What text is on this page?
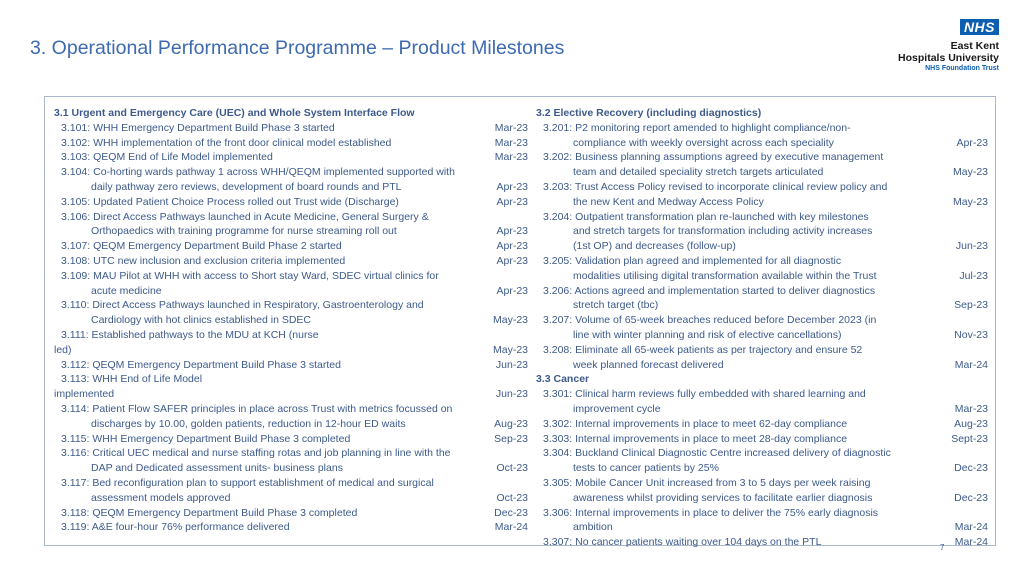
3. Operational Performance Programme – Product Milestones
NHS
East Kent
Hospitals University
NHS Foundation Trust
3.1 Urgent and Emergency Care (UEC) and Whole System Interface Flow
3.101: WHH Emergency Department Build Phase 3 started	Mar-23
3.102: WHH implementation of the front door clinical model established	Mar-23
3.103: QEQM End of Life Model implemented	Mar-23
3.104: Co-horting wards pathway 1 across WHH/QEQM implemented supported with
daily pathway zero reviews, development of board rounds and PTL	Apr-23
3.105: Updated Patient Choice Process rolled out Trust wide (Discharge)	Apr-23
3.106: Direct Access Pathways launched in Acute Medicine, General Surgery &
Orthopaedics with training programme for nurse streaming roll out	Apr-23
3.107: QEQM Emergency Department Build Phase 2 started	Apr-23
3.108: UTC new inclusion and exclusion criteria implemented	Apr-23
3.109: MAU Pilot at WHH with access to Short stay Ward, SDEC virtual clinics for
acute medicine	Apr-23
3.110: Direct Access Pathways launched in Respiratory, Gastroenterology and
Cardiology with hot clinics established in SDEC	May-23
3.111: Established pathways to the MDU at KCH (nurse
led)	May-23
3.112: QEQM Emergency Department Build Phase 3 started	Jun-23
3.113: WHH End of Life Model
implemented	Jun-23
3.114: Patient Flow SAFER principles in place across Trust with metrics focussed on
discharges by 10.00, golden patients, reduction in 12-hour ED waits	Aug-23
3.115: WHH Emergency Department Build Phase 3 completed	Sep-23
3.116: Critical UEC medical and nurse staffing rotas and job planning in line with the
DAP and Dedicated assessment units- business plans	Oct-23
3.117: Bed reconfiguration plan to support establishment of medical and surgical
assessment models approved	Oct-23
3.118: QEQM Emergency Department Build Phase 3 completed	Dec-23
3.119: A&E four-hour 76% performance delivered	Mar-24
3.2 Elective Recovery (including diagnostics)
3.201: P2 monitoring report amended to highlight compliance/non-
compliance with weekly oversight across each speciality	Apr-23
3.202: Business planning assumptions agreed by executive management
team and detailed speciality stretch targets articulated	May-23
3.203: Trust Access Policy revised to incorporate clinical review policy and
the new Kent and Medway Access Policy	May-23
3.204: Outpatient transformation plan re-launched with key milestones
and stretch targets for transformation including activity increases
(1st OP) and decreases (follow-up)	Jun-23
3.205: Validation plan agreed and implemented for all diagnostic
modalities utilising digital transformation available within the Trust	Jul-23
3.206: Actions agreed and implementation started to deliver diagnostics
stretch target (tbc)	Sep-23
3.207: Volume of 65-week breaches reduced before December 2023 (in
line with winter planning and risk of elective cancellations)	Nov-23
3.208: Eliminate all 65-week patients as per trajectory and ensure 52
week planned forecast delivered	Mar-24
3.3 Cancer
3.301: Clinical harm reviews fully embedded with shared learning and
improvement cycle	Mar-23
3.302: Internal improvements in place to meet 62-day compliance	Aug-23
3.303: Internal improvements in place to meet 28-day compliance	Sept-23
3.304: Buckland Clinical Diagnostic Centre increased delivery of diagnostic
tests to cancer patients by 25%	Dec-23
3.305: Mobile Cancer Unit increased from 3 to 5 days per week raising
awareness whilst providing services to facilitate earlier diagnosis	Dec-23
3.306: Internal improvements in place to deliver the 75% early diagnosis
ambition	Mar-24
3.307: No cancer patients waiting over 104 days on the PTL	Mar-24
7
